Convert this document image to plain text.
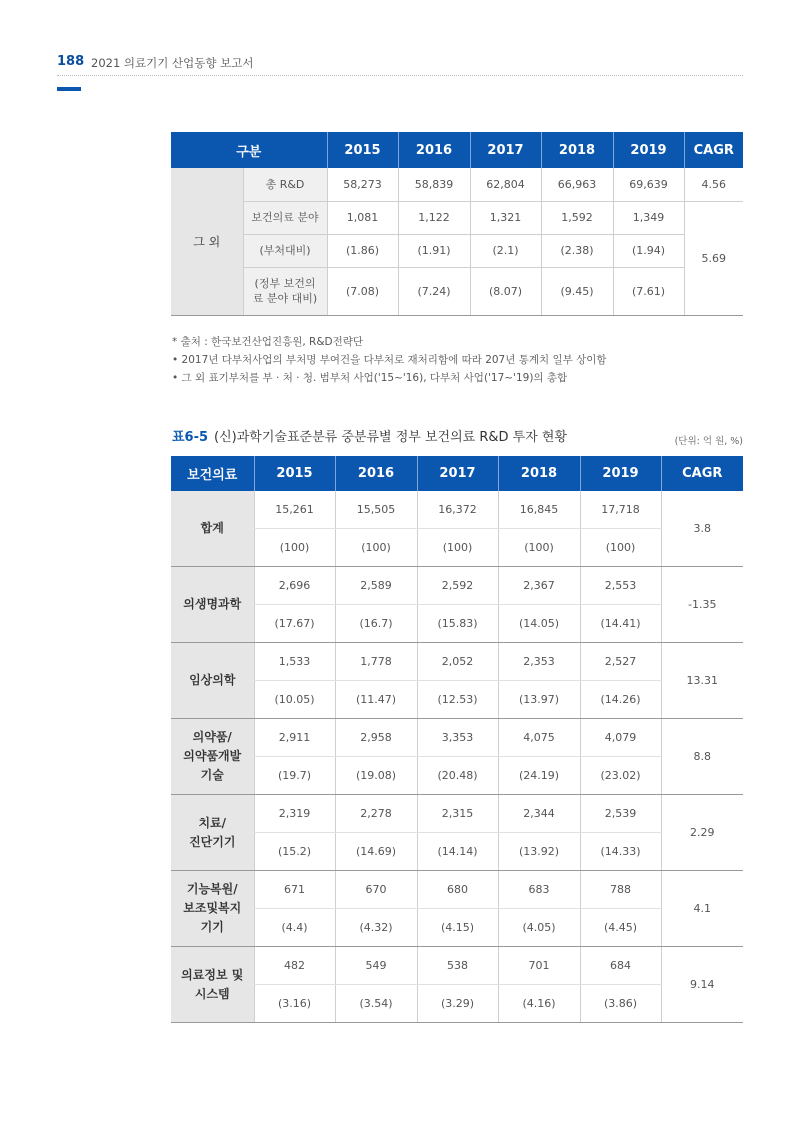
188 2021 의료기기 산업동향 보고서
구분		2015	2016	2017	2018	2019	CAGR
그 외	총 R&D	58,273	58,839	62,804	66,963	69,639	4.56
	보건의료 분야	1,081	1,122	1,321	1,592	1,349	5.69
	(부처대비)	(1.86)	(1.91)	(2.1)	(2.38)	(1.94)	

	(정부 보건의
료 분야 대비)	(7.08)	(7.24)	(8.07)	(9.45)	(7.61)	
* 출처 : 한국보건산업진흥원, R&D전략단
• 2017년 다부처사업의 부처명 부여건을 다부처로 재처리함에 따라 207년 통계치 일부 상이함
• 그 외 표기부처를 부 · 처 · 청. 범부처 사업('15~'16), 다부처 사업('17~'19)의 총합
표6-5 (신)과학기술표준분류 중분류별 정부 보건의료 R&D 투자 현황	(단위: 억 원, %)
보건의료	2015	2016	2017	2018	2019	CAGR

합계	15,261	15,505	16,372	16,845	17,718	3.8
	(100)	(100)	(100)	(100)	(100)	

의생명과학	2,696	2,589	2,592	2,367	2,553	-1.35
	(17.67)	(16.7)	(15.83)	(14.05)	(14.41)	

임상의학	1,533	1,778	2,052	2,353	2,527	13.31
	(10.05)	(11.47)	(12.53)	(13.97)	(14.26)	

의약품/
의약품개발
기술	2,911	2,958	3,353	4,075	4,079	8.8
	(19.7)	(19.08)	(20.48)	(24.19)	(23.02)	

치료/
진단기기	2,319	2,278	2,315	2,344	2,539	2.29
	(15.2)	(14.69)	(14.14)	(13.92)	(14.33)	

기능복원/
보조및복지
기기	671	670	680	683	788	4.1
	(4.4)	(4.32)	(4.15)	(4.05)	(4.45)	

의료정보 및
시스템	482	549	538	701	684	9.14
	(3.16)	(3.54)	(3.29)	(4.16)	(3.86)	
